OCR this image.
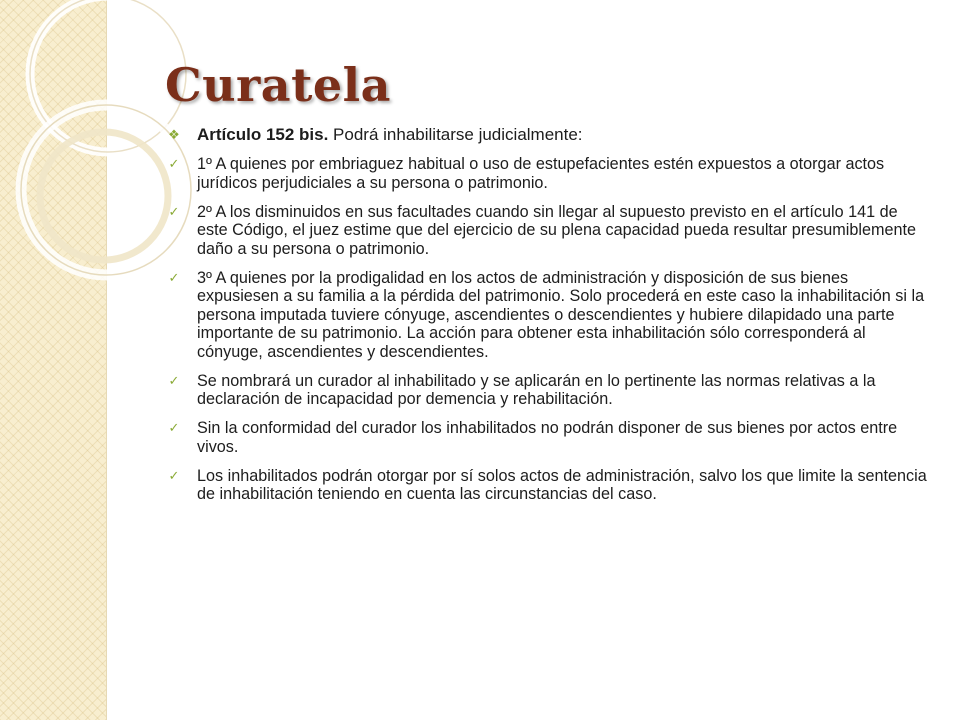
Curatela
❖ Artículo 152 bis. Podrá inhabilitarse judicialmente:
✓ 1º A quienes por embriaguez habitual o uso de estupefacientes estén expuestos a otorgar actos jurídicos perjudiciales a su persona o patrimonio.
✓ 2º A los disminuidos en sus facultades cuando sin llegar al supuesto previsto en el artículo 141 de este Código, el juez estime que del ejercicio de su plena capacidad pueda resultar presumiblemente daño a su persona o patrimonio.
✓ 3º A quienes por la prodigalidad en los actos de administración y disposición de sus bienes expusiesen a su familia a la pérdida del patrimonio. Solo procederá en este caso la inhabilitación si la persona imputada tuviere cónyuge, ascendientes o descendientes y hubiere dilapidado una parte importante de su patrimonio. La acción para obtener esta inhabilitación sólo corresponderá al cónyuge, ascendientes y descendientes.
✓ Se nombrará un curador al inhabilitado y se aplicarán en lo pertinente las normas relativas a la declaración de incapacidad por demencia y rehabilitación.
✓ Sin la conformidad del curador los inhabilitados no podrán disponer de sus bienes por actos entre vivos.
✓ Los inhabilitados podrán otorgar por sí solos actos de administración, salvo los que limite la sentencia de inhabilitación teniendo en cuenta las circunstancias del caso.
